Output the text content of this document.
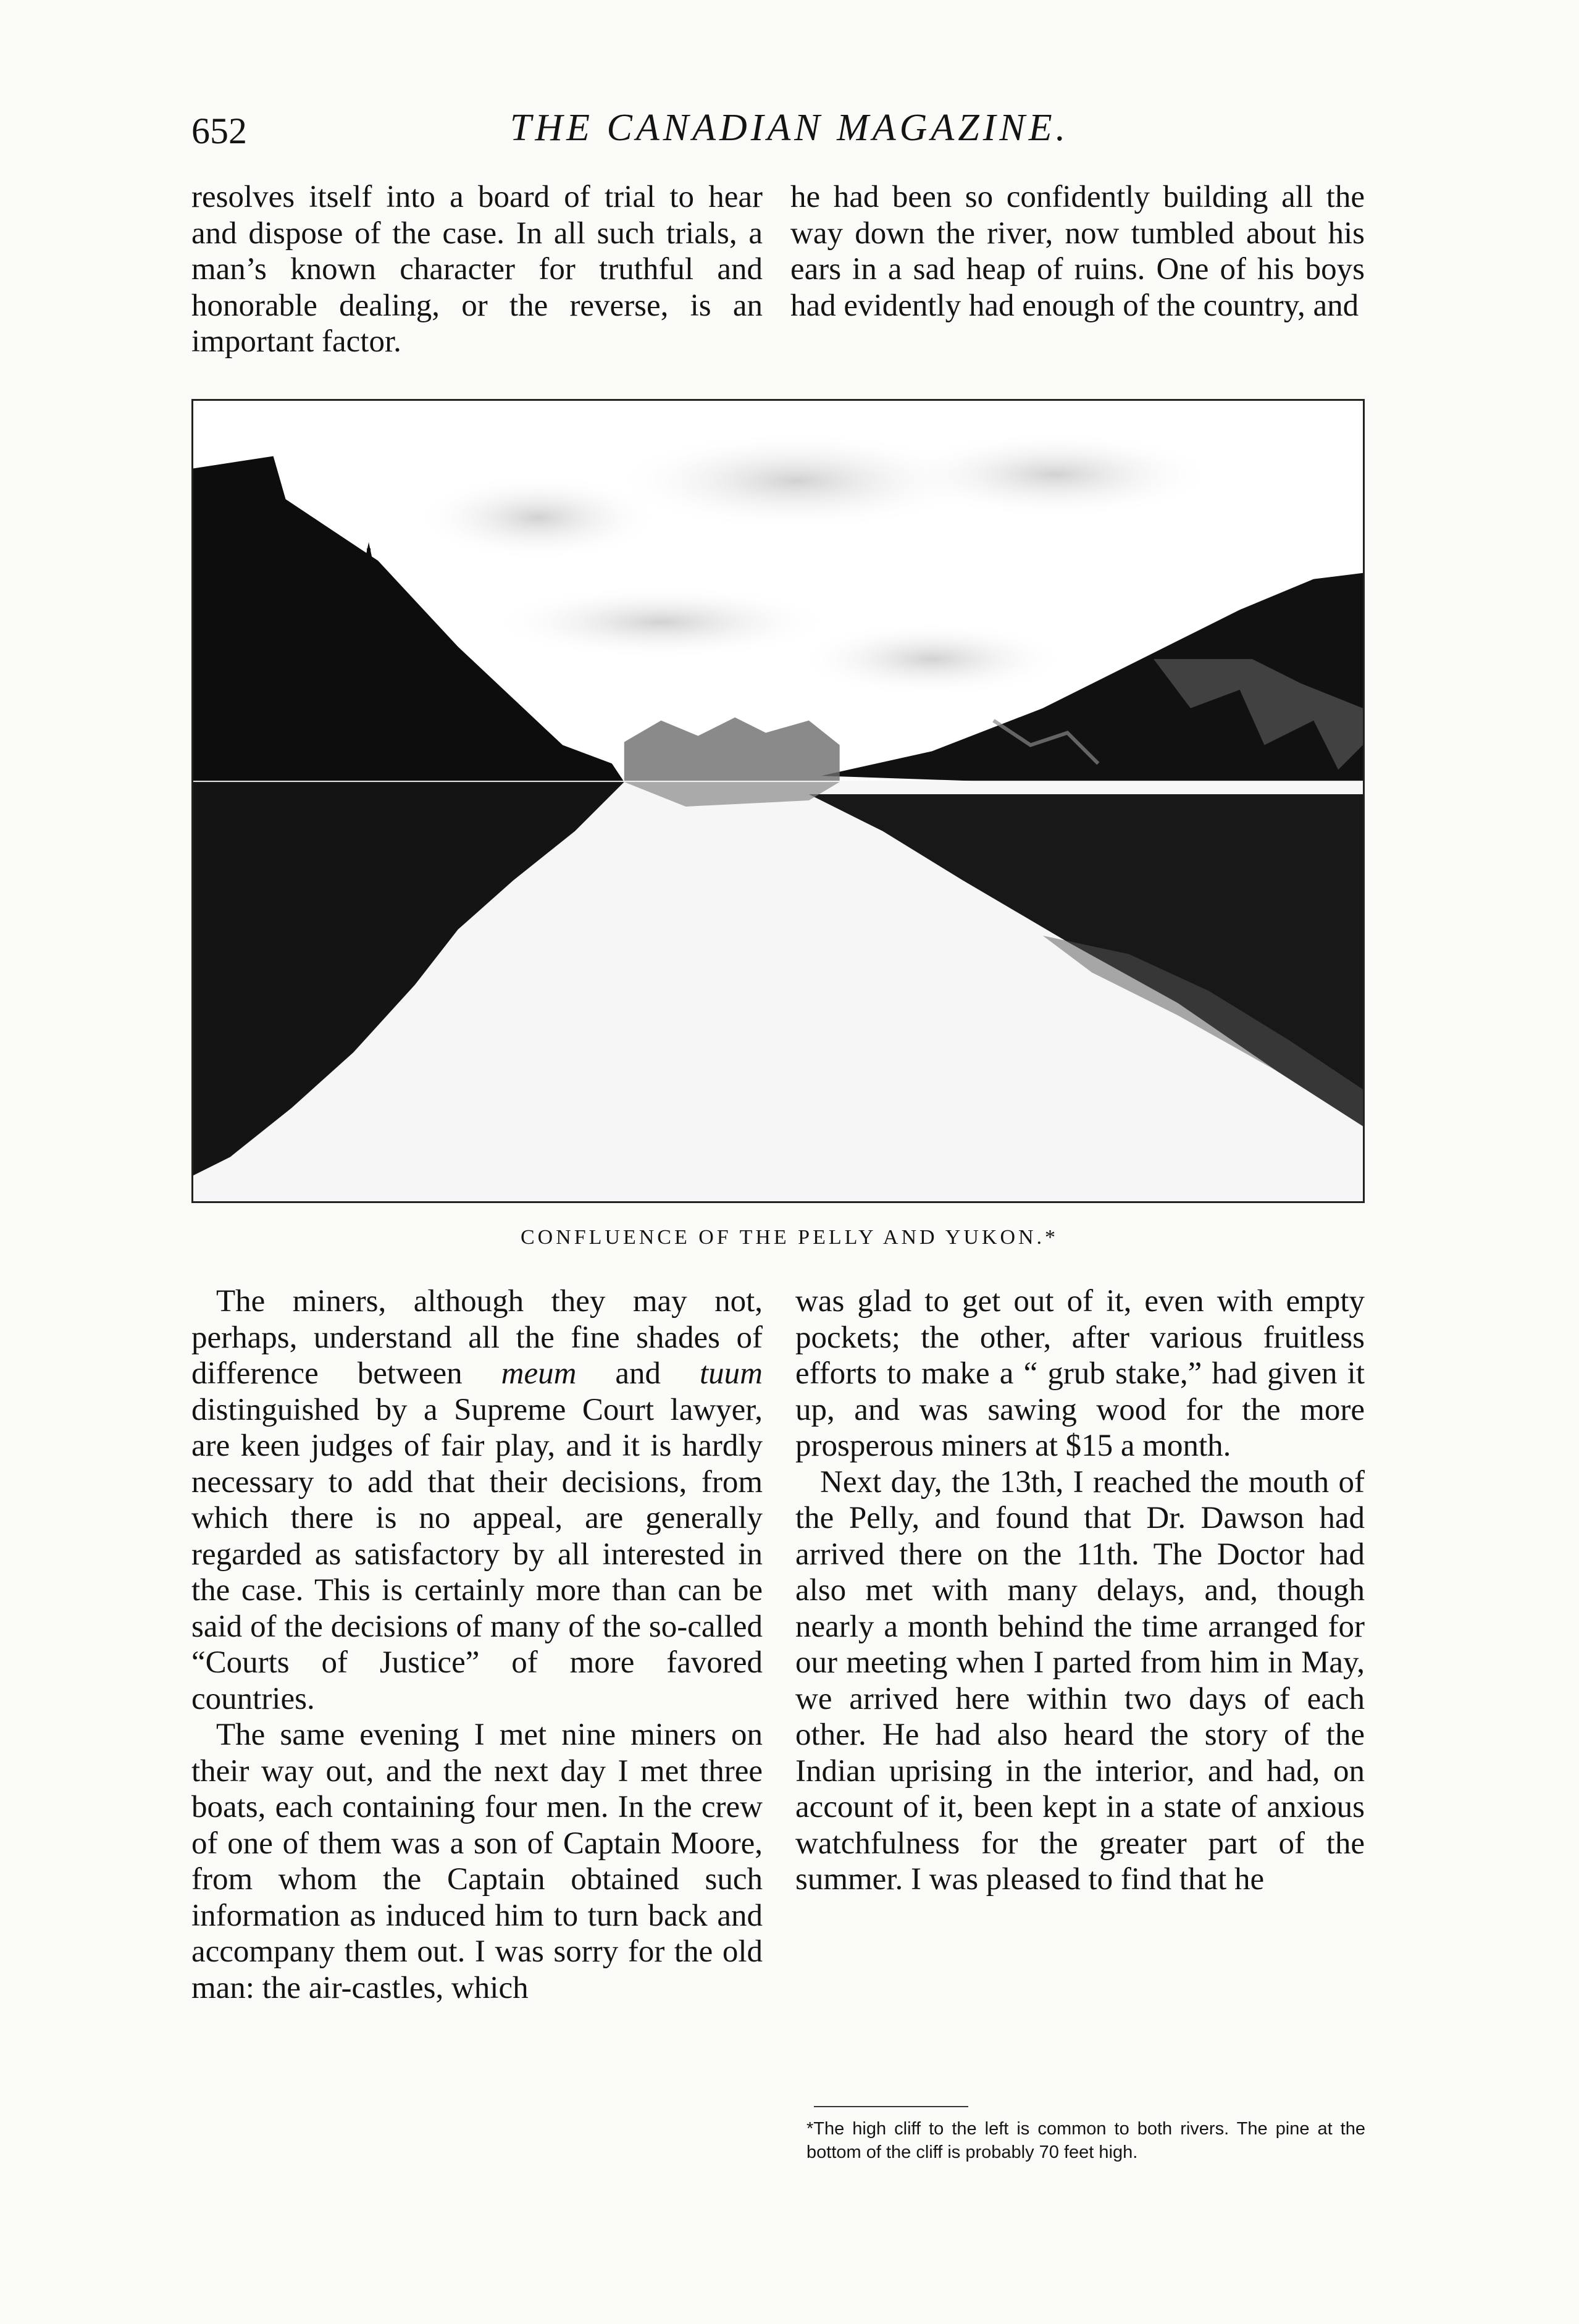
652	THE CANADIAN MAGAZINE.

resolves itself into a board of trial to hear and dispose of the case. In all such trials, a man’s known character for truthful and honorable dealing, or the reverse, is an important factor.

he had been so confidently building all the way down the river, now tumbled about his ears in a sad heap of ruins. One of his boys had evidently had enough of the country, and

CONFLUENCE OF THE PELLY AND YUKON.*

The miners, although they may not, perhaps, understand all the fine shades of difference between meum and tuum distinguished by a Supreme Court lawyer, are keen judges of fair play, and it is hardly necessary to add that their decisions, from which there is no appeal, are generally regarded as satisfactory by all interested in the case. This is certainly more than can be said of the decisions of many of the so-called “Courts of Justice” of more favored countries.

The same evening I met nine miners on their way out, and the next day I met three boats, each containing four men. In the crew of one of them was a son of Captain Moore, from whom the Captain obtained such information as induced him to turn back and accompany them out. I was sorry for the old man: the air-castles, which

was glad to get out of it, even with empty pockets; the other, after various fruitless efforts to make a “ grub stake,” had given it up, and was sawing wood for the more prosperous miners at $15 a month.

Next day, the 13th, I reached the mouth of the Pelly, and found that Dr. Dawson had arrived there on the 11th. The Doctor had also met with many delays, and, though nearly a month behind the time arranged for our meeting when I parted from him in May, we arrived here within two days of each other. He had also heard the story of the Indian uprising in the interior, and had, on account of it, been kept in a state of anxious watchfulness for the greater part of the summer. I was pleased to find that he

*The high cliff to the left is common to both rivers. The pine at the bottom of the cliff is probably 70 feet high.
